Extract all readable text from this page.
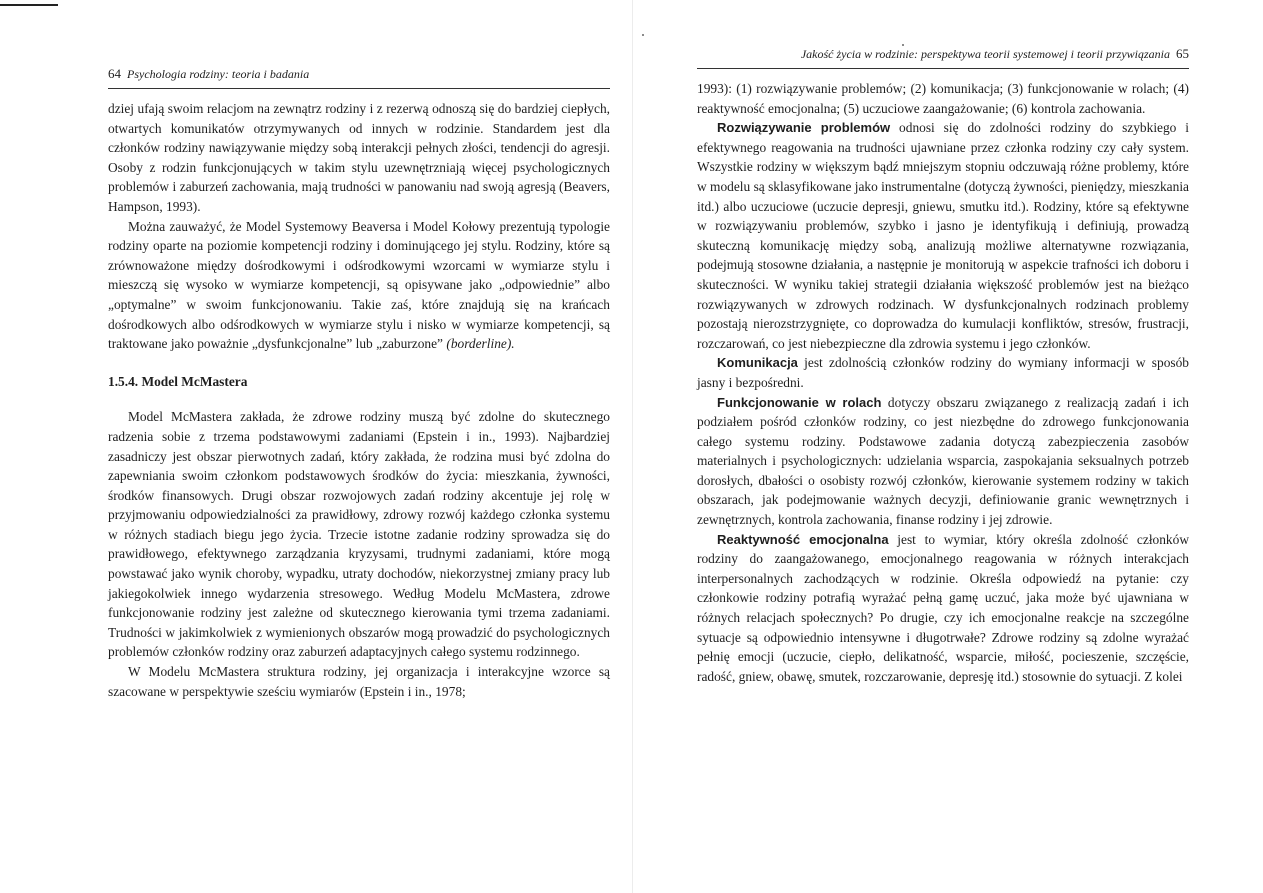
64 Psychologia rodziny: teoria i badania

dziej ufają swoim relacjom na zewnątrz rodziny i z rezerwą odnoszą się do bardziej ciepłych, otwartych komunikatów otrzymywanych od innych w rodzinie. Standardem jest dla członków rodziny nawiązywanie między sobą interakcji pełnych złości, tendencji do agresji. Osoby z rodzin funkcjonujących w takim stylu uzewnętrzniają więcej psychologicznych problemów i zaburzeń zachowania, mają trudności w panowaniu nad swoją agresją (Beavers, Hampson, 1993).

Można zauważyć, że Model Systemowy Beaversa i Model Kołowy prezentują typologie rodziny oparte na poziomie kompetencji rodziny i dominującego jej stylu. Rodziny, które są zrównoważone między dośrodkowymi i odśrodkowymi wzorcami w wymiarze stylu i mieszczą się wysoko w wymiarze kompetencji, są opisywane jako „odpowiednie” albo „optymalne” w swoim funkcjonowaniu. Takie zaś, które znajdują się na krańcach dośrodkowych albo odśrodkowych w wymiarze stylu i nisko w wymiarze kompetencji, są traktowane jako poważnie „dysfunkcjonalne” lub „zaburzone” (borderline).

1.5.4. Model McMastera

Model McMastera zakłada, że zdrowe rodziny muszą być zdolne do skutecznego radzenia sobie z trzema podstawowymi zadaniami (Epstein i in., 1993). Najbardziej zasadniczy jest obszar pierwotnych zadań, który zakłada, że rodzina musi być zdolna do zapewniania swoim członkom podstawowych środków do życia: mieszkania, żywności, środków finansowych. Drugi obszar rozwojowych zadań rodziny akcentuje jej rolę w przyjmowaniu odpowiedzialności za prawidłowy, zdrowy rozwój każdego członka systemu w różnych stadiach biegu jego życia. Trzecie istotne zadanie rodziny sprowadza się do prawidłowego, efektywnego zarządzania kryzysami, trudnymi zadaniami, które mogą powstawać jako wynik choroby, wypadku, utraty dochodów, niekorzystnej zmiany pracy lub jakiegokolwiek innego wydarzenia stresowego. Według Modelu McMastera, zdrowe funkcjonowanie rodziny jest zależne od skutecznego kierowania tymi trzema zadaniami. Trudności w jakimkolwiek z wymienionych obszarów mogą prowadzić do psychologicznych problemów członków rodziny oraz zaburzeń adaptacyjnych całego systemu rodzinnego.

W Modelu McMastera struktura rodziny, jej organizacja i interakcyjne wzorce są szacowane w perspektywie sześciu wymiarów (Epstein i in., 1978;

Jakość życia w rodzinie: perspektywa teorii systemowej i teorii przywiązania 65

1993): (1) rozwiązywanie problemów; (2) komunikacja; (3) funkcjonowanie w rolach; (4) reaktywność emocjonalna; (5) uczuciowe zaangażowanie; (6) kontrola zachowania.

Rozwiązywanie problemów odnosi się do zdolności rodziny do szybkiego i efektywnego reagowania na trudności ujawniane przez członka rodziny czy cały system. Wszystkie rodziny w większym bądź mniejszym stopniu odczuwają różne problemy, które w modelu są sklasyfikowane jako instrumentalne (dotyczą żywności, pieniędzy, mieszkania itd.) albo uczuciowe (uczucie depresji, gniewu, smutku itd.). Rodziny, które są efektywne w rozwiązywaniu problemów, szybko i jasno je identyfikują i definiują, prowadzą skuteczną komunikację między sobą, analizują możliwe alternatywne rozwiązania, podejmują stosowne działania, a następnie je monitorują w aspekcie trafności ich doboru i skuteczności. W wyniku takiej strategii działania większość problemów jest na bieżąco rozwiązywanych w zdrowych rodzinach. W dysfunkcjonalnych rodzinach problemy pozostają nierozstrzygnięte, co doprowadza do kumulacji konfliktów, stresów, frustracji, rozczarowań, co jest niebezpieczne dla zdrowia systemu i jego członków.

Komunikacja jest zdolnością członków rodziny do wymiany informacji w sposób jasny i bezpośredni.

Funkcjonowanie w rolach dotyczy obszaru związanego z realizacją zadań i ich podziałem pośród członków rodziny, co jest niezbędne do zdrowego funkcjonowania całego systemu rodziny. Podstawowe zadania dotyczą zabezpieczenia zasobów materialnych i psychologicznych: udzielania wsparcia, zaspokajania seksualnych potrzeb dorosłych, dbałości o osobisty rozwój członków, kierowanie systemem rodziny w takich obszarach, jak podejmowanie ważnych decyzji, definiowanie granic wewnętrznych i zewnętrznych, kontrola zachowania, finanse rodziny i jej zdrowie.

Reaktywność emocjonalna jest to wymiar, który określa zdolność członków rodziny do zaangażowanego, emocjonalnego reagowania w różnych interakcjach interpersonalnych zachodzących w rodzinie. Określa odpowiedź na pytanie: czy członkowie rodziny potrafią wyrażać pełną gamę uczuć, jaka może być ujawniana w różnych relacjach społecznych? Po drugie, czy ich emocjonalne reakcje na szczególne sytuacje są odpowiednio intensywne i długotrwałe? Zdrowe rodziny są zdolne wyrażać pełnię emocji (uczucie, ciepło, delikatność, wsparcie, miłość, pocieszenie, szczęście, radość, gniew, obawę, smutek, rozczarowanie, depresję itd.) stosownie do sytuacji. Z kolei
